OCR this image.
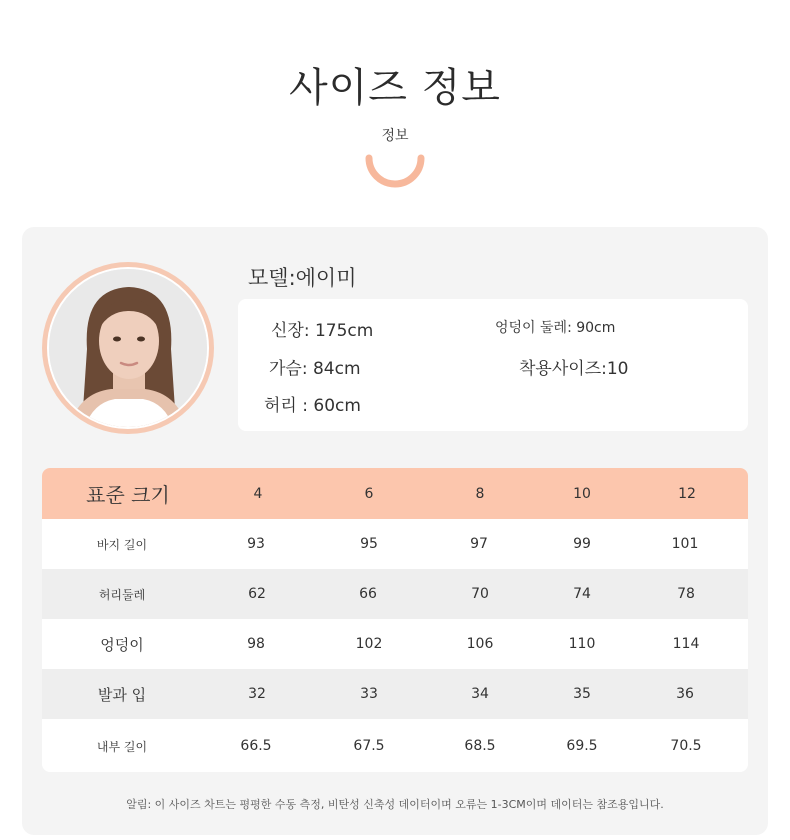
사이즈 정보
정보
모델:에이미
신장: 175cm	엉덩이 둘레: 90cm
가슴: 84cm	착용사이즈:10
허리 : 60cm
표준 크기	4	6	8	10	12
바지 길이	93	95	97	99	101
허리둘레	62	66	70	74	78
엉덩이	98	102	106	110	114
발과 입	32	33	34	35	36
내부 길이	66.5	67.5	68.5	69.5	70.5
알림: 이 사이즈 차트는 평평한 수동 측정, 비탄성 신축성 데이터이며 오류는 1-3CM이며 데이터는 참조용입니다.
